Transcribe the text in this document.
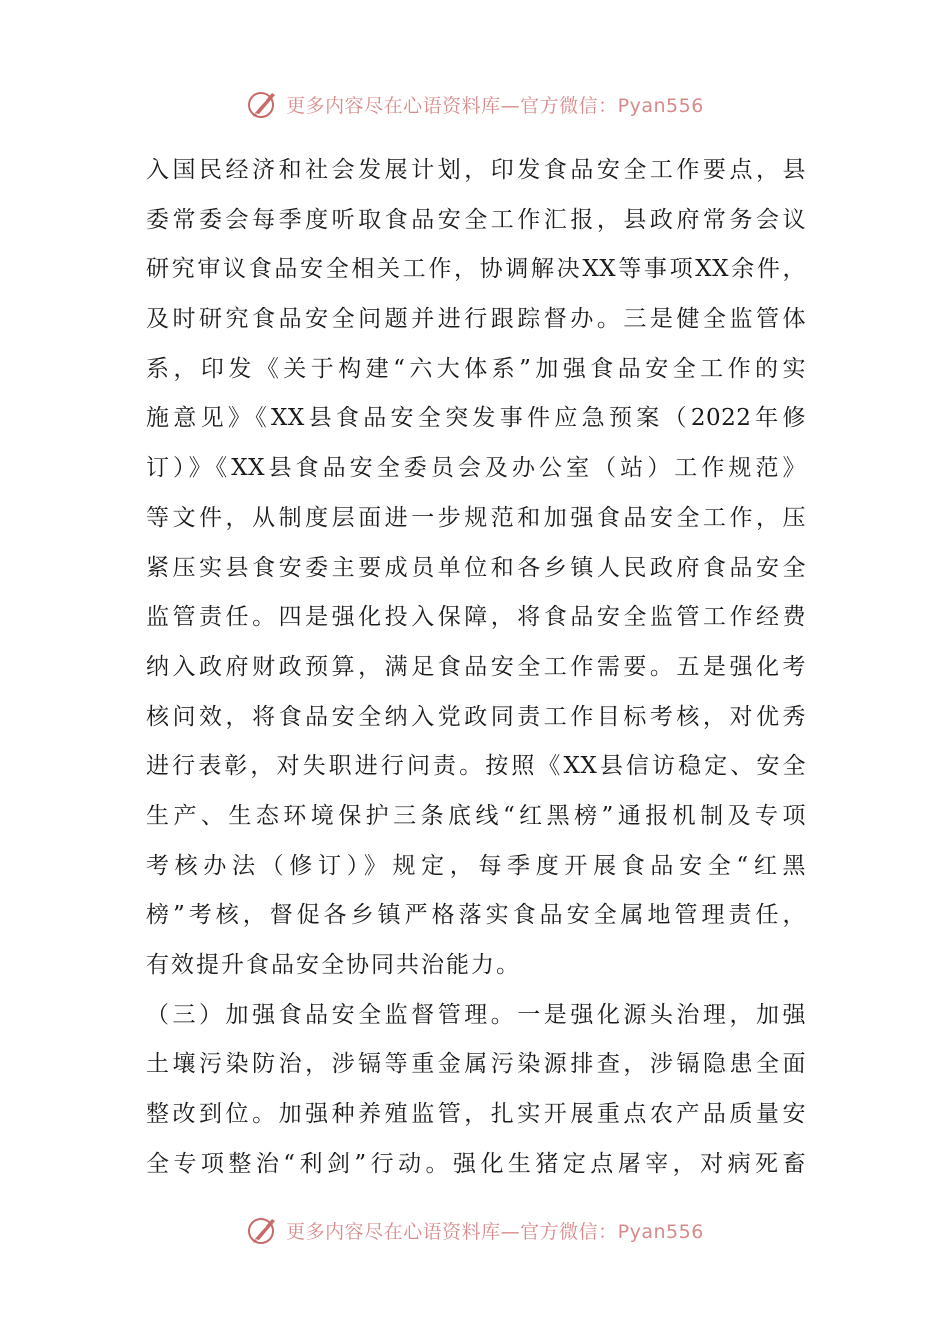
更多内容尽在心语资料库—官方微信：Pyan556
入国民经济和社会发展计划，印发食品安全工作要点，县
委常委会每季度听取食品安全工作汇报，县政府常务会议
研究审议食品安全相关工作，协调解决XX等事项XX余件，
及时研究食品安全问题并进行跟踪督办。三是健全监管体
系，印发《关于构建“六大体系”加强食品安全工作的实
施意见》《XX县食品安全突发事件应急预案（2022年修
订）》《XX县食品安全委员会及办公室（站）工作规范》
等文件，从制度层面进一步规范和加强食品安全工作，压
紧压实县食安委主要成员单位和各乡镇人民政府食品安全
监管责任。四是强化投入保障，将食品安全监管工作经费
纳入政府财政预算，满足食品安全工作需要。五是强化考
核问效，将食品安全纳入党政同责工作目标考核，对优秀
进行表彰，对失职进行问责。按照《XX县信访稳定、安全
生产、生态环境保护三条底线“红黑榜”通报机制及专项
考核办法（修订）》规定，每季度开展食品安全“红黑
榜”考核，督促各乡镇严格落实食品安全属地管理责任，
有效提升食品安全协同共治能力。
（三）加强食品安全监督管理。一是强化源头治理，加强
土壤污染防治，涉镉等重金属污染源排查，涉镉隐患全面
整改到位。加强种养殖监管，扎实开展重点农产品质量安
全专项整治“利剑”行动。强化生猪定点屠宰，对病死畜
更多内容尽在心语资料库—官方微信：Pyan556
